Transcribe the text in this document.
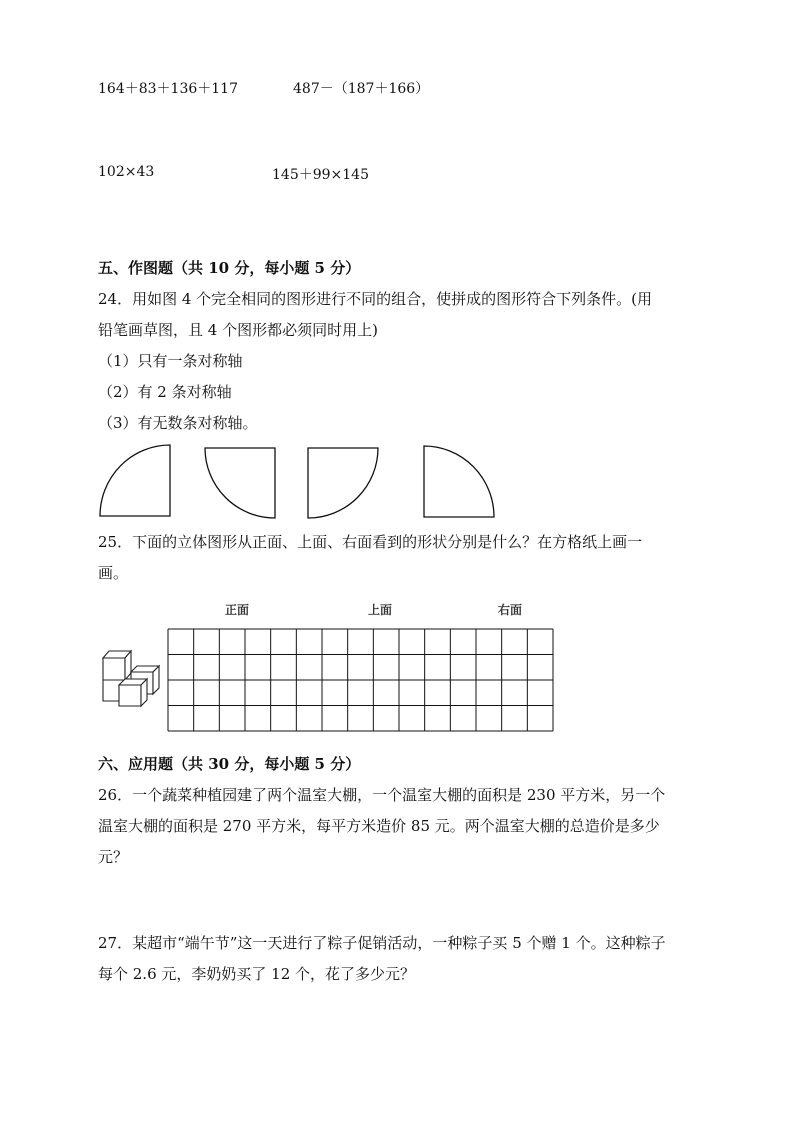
164＋83＋136＋117	487－（187＋166）
102×43	145＋99×145
五、作图题（共 10 分，每小题 5 分）
24．用如图 4 个完全相同的图形进行不同的组合，使拼成的图形符合下列条件。(用
铅笔画草图，且 4 个图形都必须同时用上)
（1）只有一条对称轴
（2）有 2 条对称轴
（3）有无数条对称轴。
25．下面的立体图形从正面、上面、右面看到的形状分别是什么？在方格纸上画一
画。
正面	上面	右面
六、应用题（共 30 分，每小题 5 分）
26．一个蔬菜种植园建了两个温室大棚，一个温室大棚的面积是 230 平方米，另一个
温室大棚的面积是 270 平方米，每平方米造价 85 元。两个温室大棚的总造价是多少
元？
27．某超市“端午节”这一天进行了粽子促销活动，一种粽子买 5 个赠 1 个。这种粽子
每个 2.6 元，李奶奶买了 12 个，花了多少元？
